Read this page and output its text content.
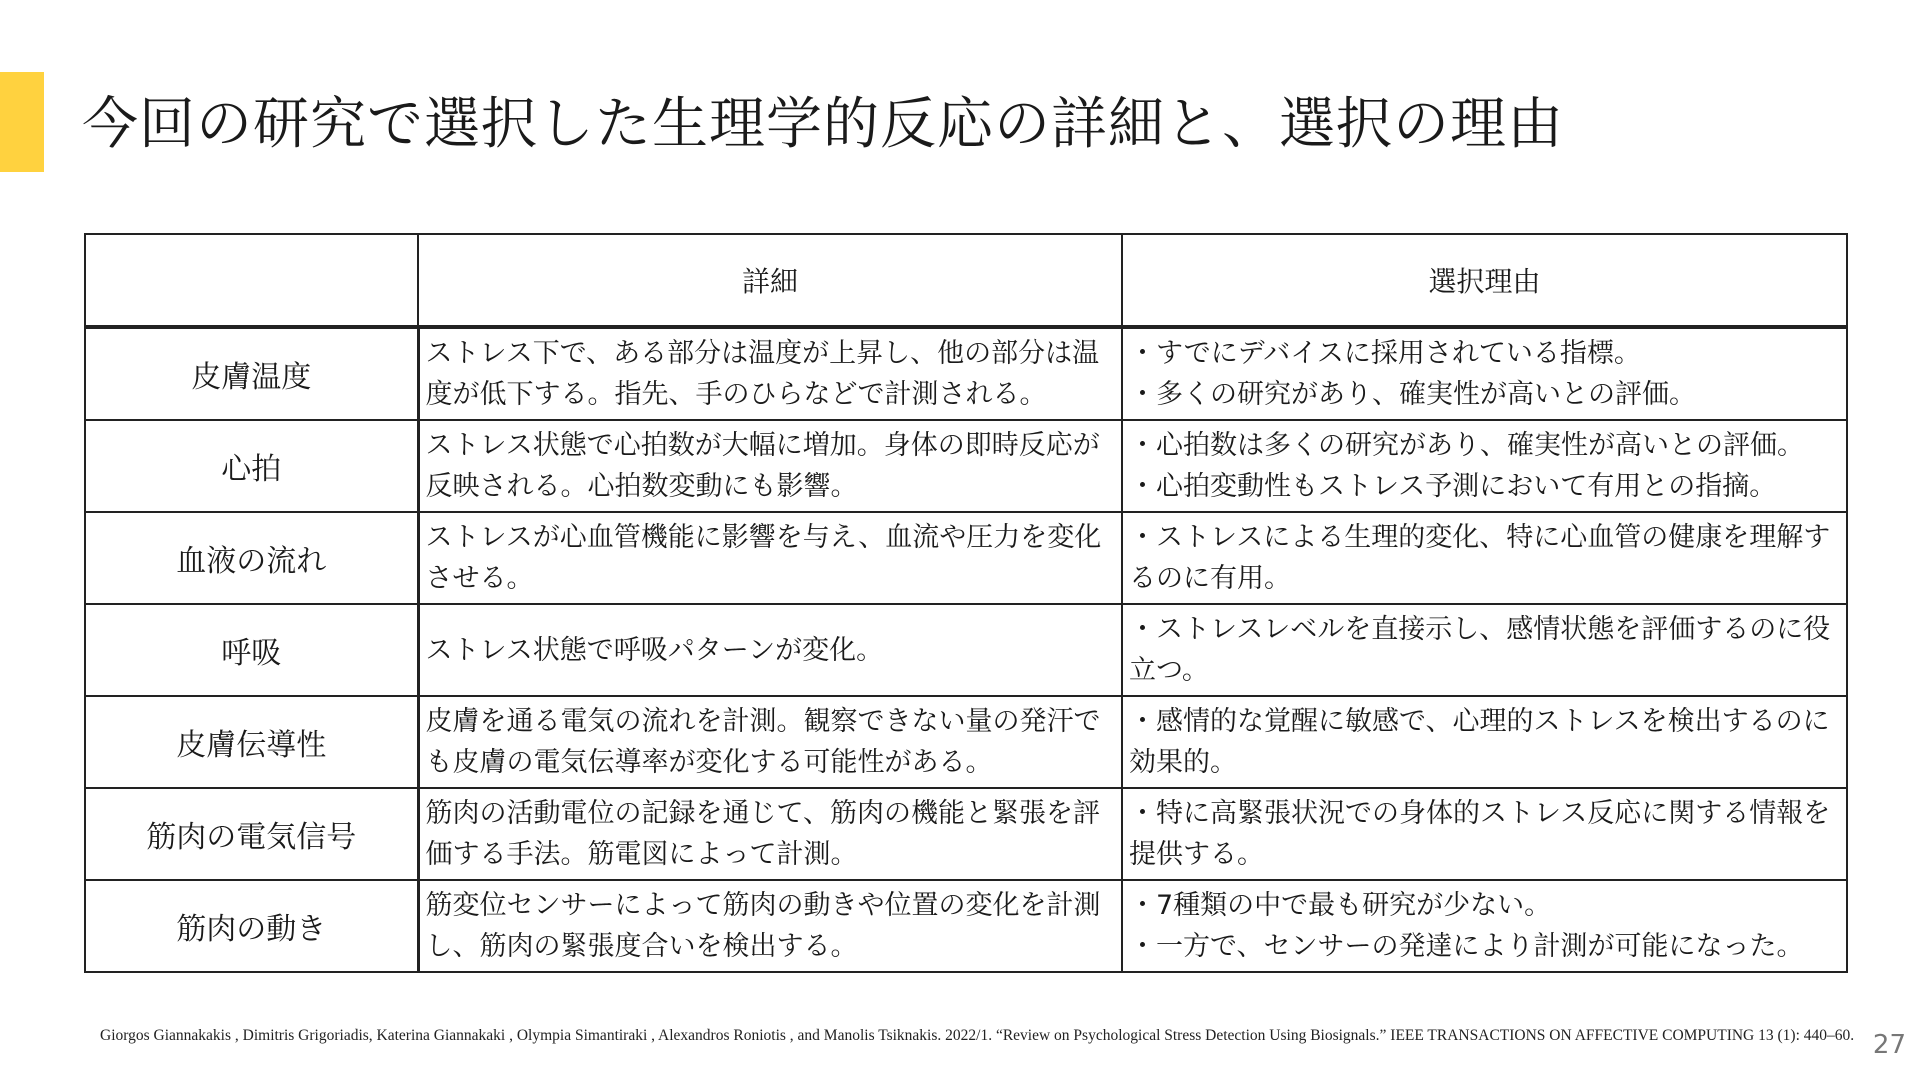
今回の研究で選択した生理学的反応の詳細と、選択の理由
	詳細	選択理由
皮膚温度	ストレス下で、ある部分は温度が上昇し、他の部分は温度が低下する。指先、手のひらなどで計測される。	・すでにデバイスに採用されている指標。
・多くの研究があり、確実性が高いとの評価。

心拍	ストレス状態で心拍数が大幅に増加。身体の即時反応が反映される。心拍数変動にも影響。	・心拍数は多くの研究があり、確実性が高いとの評価。
・心拍変動性もストレス予測において有用との指摘。

血液の流れ	ストレスが心血管機能に影響を与え、血流や圧力を変化させる。	・ストレスによる生理的変化、特に心血管の健康を理解するのに有用。

呼吸	ストレス状態で呼吸パターンが変化。	・ストレスレベルを直接示し、感情状態を評価するのに役立つ。

皮膚伝導性	皮膚を通る電気の流れを計測。観察できない量の発汗でも皮膚の電気伝導率が変化する可能性がある。	・感情的な覚醒に敏感で、心理的ストレスを検出するのに効果的。

筋肉の電気信号	筋肉の活動電位の記録を通じて、筋肉の機能と緊張を評価する手法。筋電図によって計測。	・特に高緊張状況での身体的ストレス反応に関する情報を提供する。

筋肉の動き	筋変位センサーによって筋肉の動きや位置の変化を計測し、筋肉の緊張度合いを検出する。	・7種類の中で最も研究が少ない。
・一方で、センサーの発達により計測が可能になった。
Giorgos Giannakakis , Dimitris Grigoriadis, Katerina Giannakaki , Olympia Simantiraki , Alexandros Roniotis , and Manolis Tsiknakis. 2022/1. “Review on Psychological Stress Detection Using Biosignals.” IEEE TRANSACTIONS ON AFFECTIVE COMPUTING 13 (1): 440–60. 27
